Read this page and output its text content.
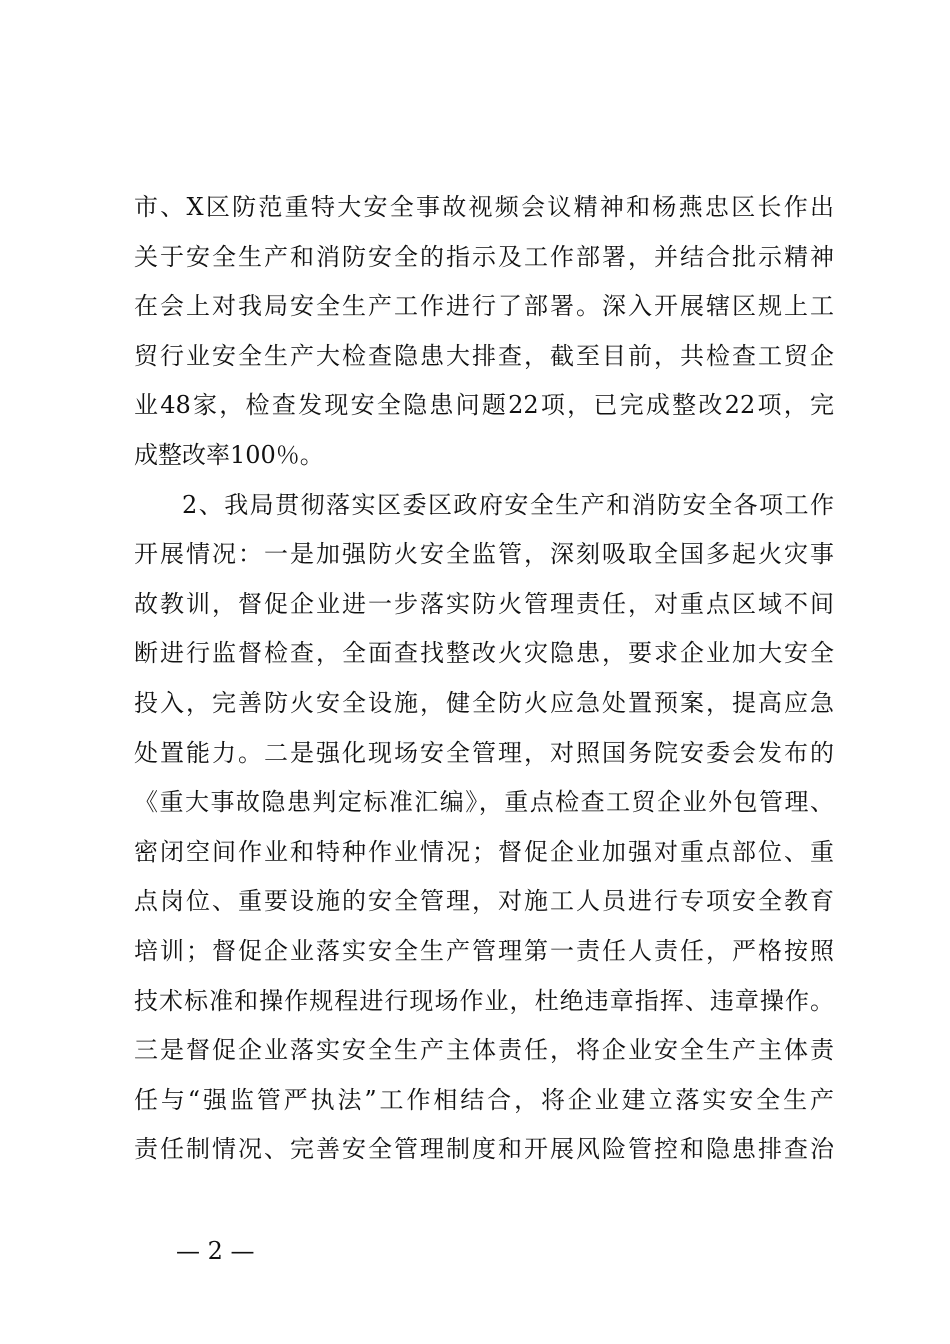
市、X区防范重特大安全事故视频会议精神和杨燕忠区长作出
关于安全生产和消防安全的指示及工作部署，并结合批示精神
在会上对我局安全生产工作进行了部署。深入开展辖区规上工
贸行业安全生产大检查隐患大排查，截至目前，共检查工贸企
业48家，检查发现安全隐患问题22项，已完成整改22项，完
成整改率100％。
2、我局贯彻落实区委区政府安全生产和消防安全各项工作
开展情况：一是加强防火安全监管，深刻吸取全国多起火灾事
故教训，督促企业进一步落实防火管理责任，对重点区域不间
断进行监督检查，全面查找整改火灾隐患，要求企业加大安全
投入，完善防火安全设施，健全防火应急处置预案，提高应急
处置能力。二是强化现场安全管理，对照国务院安委会发布的
《重大事故隐患判定标准汇编》，重点检查工贸企业外包管理、
密闭空间作业和特种作业情况；督促企业加强对重点部位、重
点岗位、重要设施的安全管理，对施工人员进行专项安全教育
培训；督促企业落实安全生产管理第一责任人责任，严格按照
技术标准和操作规程进行现场作业，杜绝违章指挥、违章操作。
三是督促企业落实安全生产主体责任，将企业安全生产主体责
任与“强监管严执法”工作相结合，将企业建立落实安全生产
责任制情况、完善安全管理制度和开展风险管控和隐患排查治
— 2 —
